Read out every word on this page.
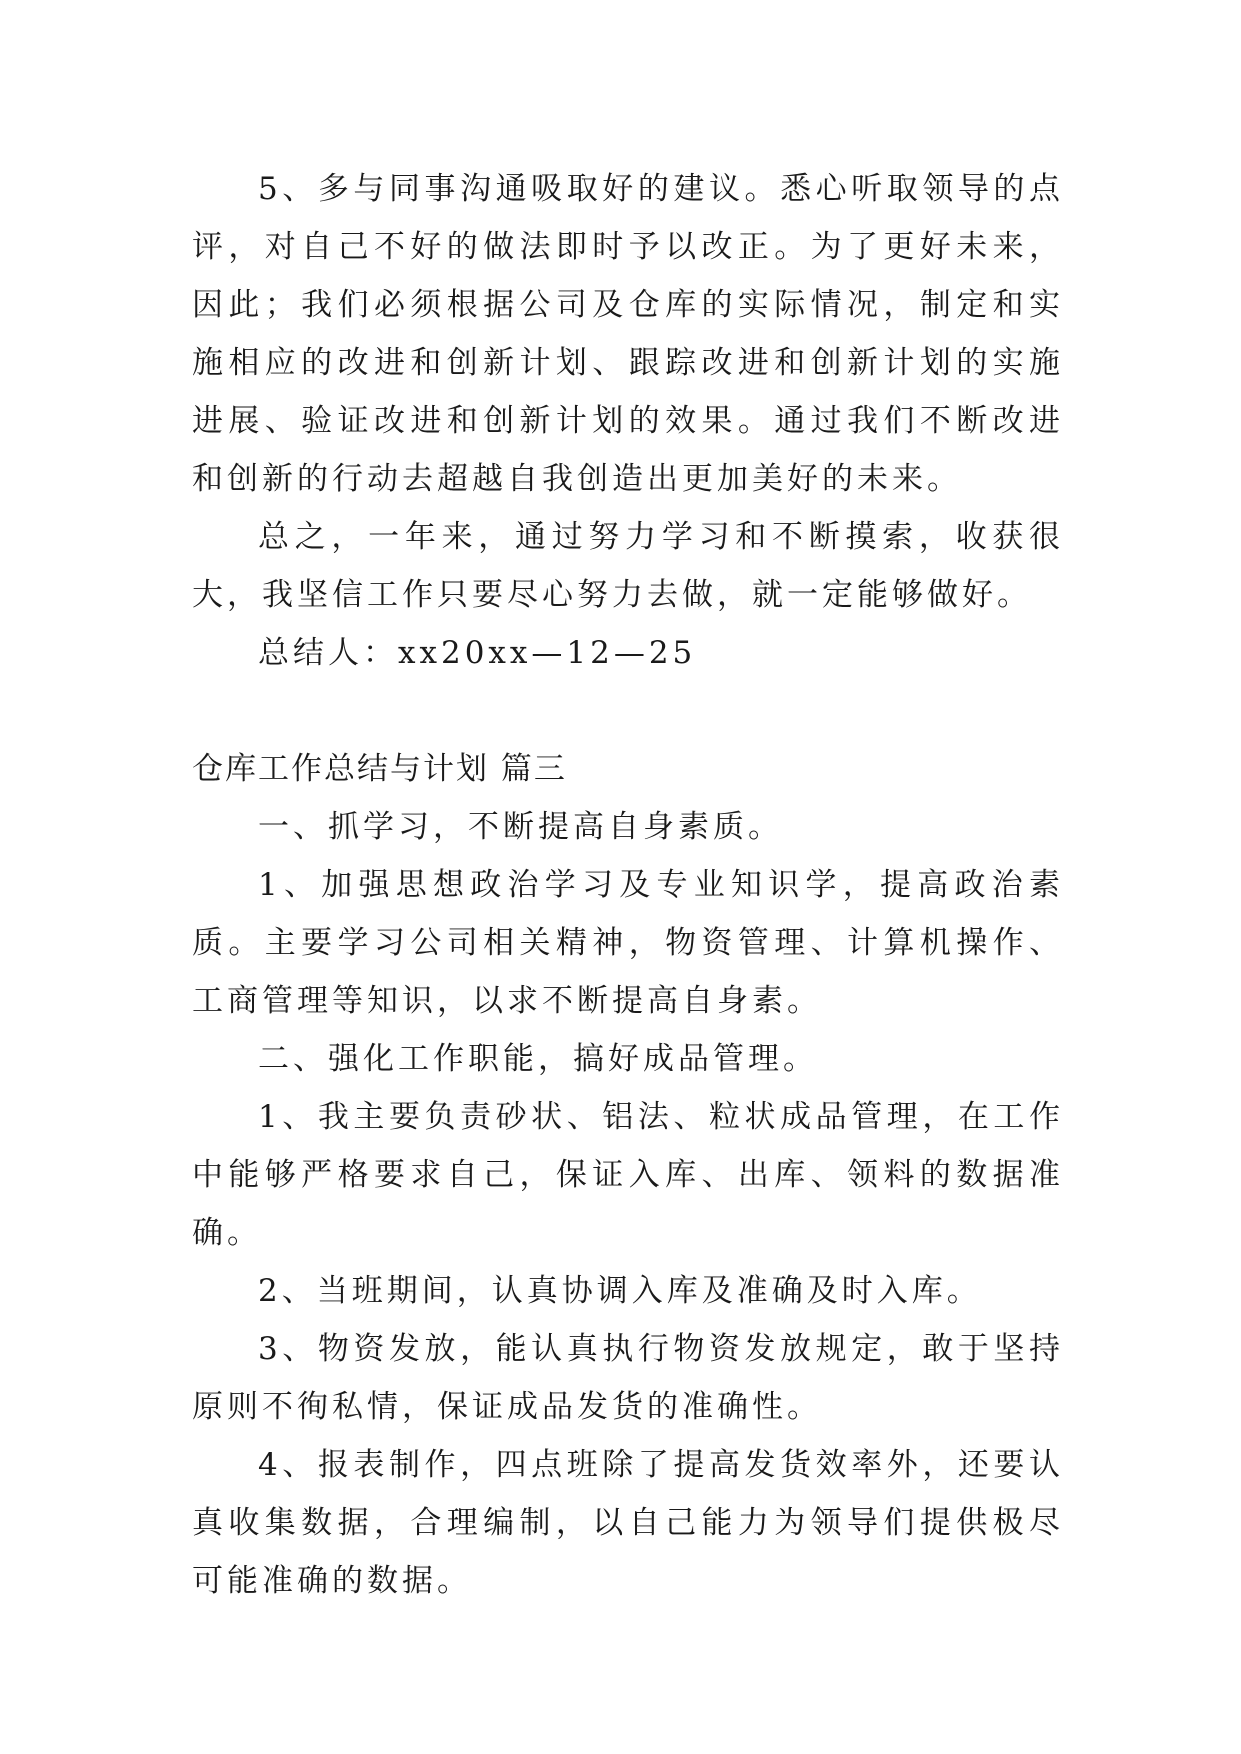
5、多与同事沟通吸取好的建议。悉心听取领导的点评，对自己不好的做法即时予以改正。为了更好未来，因此；我们必须根据公司及仓库的实际情况，制定和实施相应的改进和创新计划、跟踪改进和创新计划的实施进展、验证改进和创新计划的效果。通过我们不断改进和创新的行动去超越自我创造出更加美好的未来。

总之，一年来，通过努力学习和不断摸索，收获很大，我坚信工作只要尽心努力去做，就一定能够做好。

总结人：xx20xx—12—25

仓库工作总结与计划 篇三

一、抓学习，不断提高自身素质。

1、加强思想政治学习及专业知识学，提高政治素质。主要学习公司相关精神，物资管理、计算机操作、工商管理等知识，以求不断提高自身素。

二、强化工作职能，搞好成品管理。

1、我主要负责砂状、铝法、粒状成品管理，在工作中能够严格要求自己，保证入库、出库、领料的数据准确。

2、当班期间，认真协调入库及准确及时入库。

3、物资发放，能认真执行物资发放规定，敢于坚持原则不徇私情，保证成品发货的准确性。

4、报表制作，四点班除了提高发货效率外，还要认真收集数据，合理编制，以自己能力为领导们提供极尽可能准确的数据。
